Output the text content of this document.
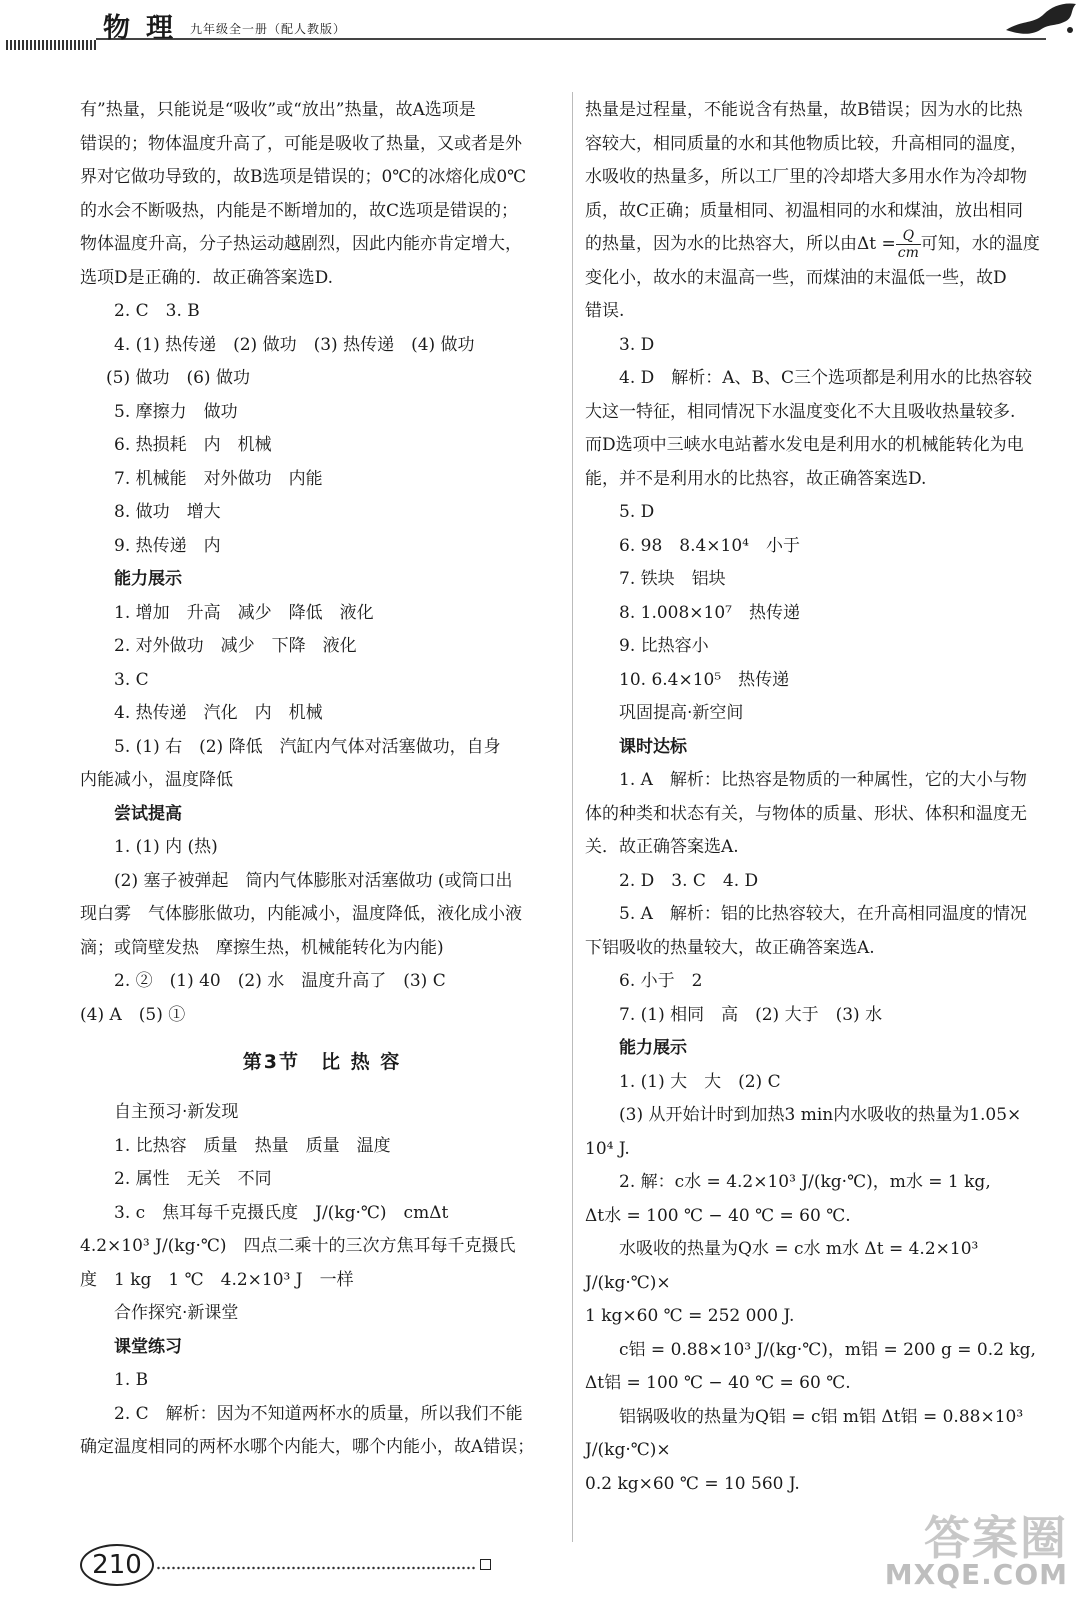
物理 九年级全一册（配人教版）

有”热量，只能说是“吸收”或“放出”热量，故A选项是

错误的；物体温度升高了，可能是吸收了热量，又或者是外

界对它做功导致的，故B选项是错误的；0℃的冰熔化成0℃

的水会不断吸热，内能是不断增加的，故C选项是错误的；

物体温度升高，分子热运动越剧烈，因此内能亦肯定增大，

选项D是正确的．故正确答案选D.

2. C　3. B

4. (1) 热传递　(2) 做功　(3) 热传递　(4) 做功

(5) 做功　(6) 做功

5. 摩擦力　做功

6. 热损耗　内　机械

7. 机械能　对外做功　内能

8. 做功　增大

9. 热传递　内

能力展示

1. 增加　升高　减少　降低　液化

2. 对外做功　减少　下降　液化

3. C

4. 热传递　汽化　内　机械

5. (1) 右　(2) 降低　汽缸内气体对活塞做功，自身

内能减小，温度降低

尝试提高

1. (1) 内 (热)

(2) 塞子被弹起　筒内气体膨胀对活塞做功 (或筒口出

现白雾　气体膨胀做功，内能减小，温度降低，液化成小液

滴；或筒壁发热　摩擦生热，机械能转化为内能)

2. ②　(1) 40　(2) 水　温度升高了　(3) C

(4) A　(5) ①

第3节　比 热 容

自主预习·新发现

1. 比热容　质量　热量　质量　温度

2. 属性　无关　不同

3. c　焦耳每千克摄氏度　J/(kg·℃)　cmΔt

4.2×10³ J/(kg·℃)　四点二乘十的三次方焦耳每千克摄氏

度　1 kg　1 ℃　4.2×10³ J　一样

合作探究·新课堂

课堂练习

1. B

2. C　解析：因为不知道两杯水的质量，所以我们不能

确定温度相同的两杯水哪个内能大，哪个内能小，故A错误；

热量是过程量，不能说含有热量，故B错误；因为水的比热

容较大，相同质量的水和其他物质比较，升高相同的温度，

水吸收的热量多，所以工厂里的冷却塔大多用水作为冷却物

质，故C正确；质量相同、初温相同的水和煤油，放出相同

的热量，因为水的比热容大，所以由$\Delta t = \frac{Q}{cm}$ 可知，水的温度

变化小，故水的末温高一些，而煤油的末温低一些，故D

错误.

3. D

4. D　解析：A、B、C三个选项都是利用水的比热容较

大这一特征，相同情况下水温度变化不大且吸收热量较多.

而D选项中三峡水电站蓄水发电是利用水的机械能转化为电

能，并不是利用水的比热容，故正确答案选D.

5. D

6. 98　8.4×10⁴　小于

7. 铁块　铝块

8. 1.008×10⁷　热传递

9. 比热容小

10. 6.4×10⁵　热传递

巩固提高·新空间

课时达标

1. A　解析：比热容是物质的一种属性，它的大小与物

体的种类和状态有关，与物体的质量、形状、体积和温度无

关．故正确答案选A.

2. D　3. C　4. D

5. A　解析：铝的比热容较大，在升高相同温度的情况

下铝吸收的热量较大，故正确答案选A.

6. 小于　2

7. (1) 相同　高　(2) 大于　(3) 水

能力展示

1. (1) 大　大　(2) C

(3) 从开始计时到加热3 min内水吸收的热量为1.05×

10⁴ J.

2. 解：c水 = 4.2×10³ J/(kg·℃)，m水 = 1 kg,

Δt水 = 100 ℃ − 40 ℃ = 60 ℃.

水吸收的热量为Q水 = c水 m水 Δt = 4.2×10³ J/(kg·℃)×

1 kg×60 ℃ = 252 000 J.

c铝 = 0.88×10³ J/(kg·℃)，m铝 = 200 g = 0.2 kg,

Δt铝 = 100 ℃ − 40 ℃ = 60 ℃.

铝锅吸收的热量为Q铝 = c铝 m铝 Δt铝 = 0.88×10³ J/(kg·℃)×

0.2 kg×60 ℃ = 10 560 J.

210	答案圈
MXQE.COM
